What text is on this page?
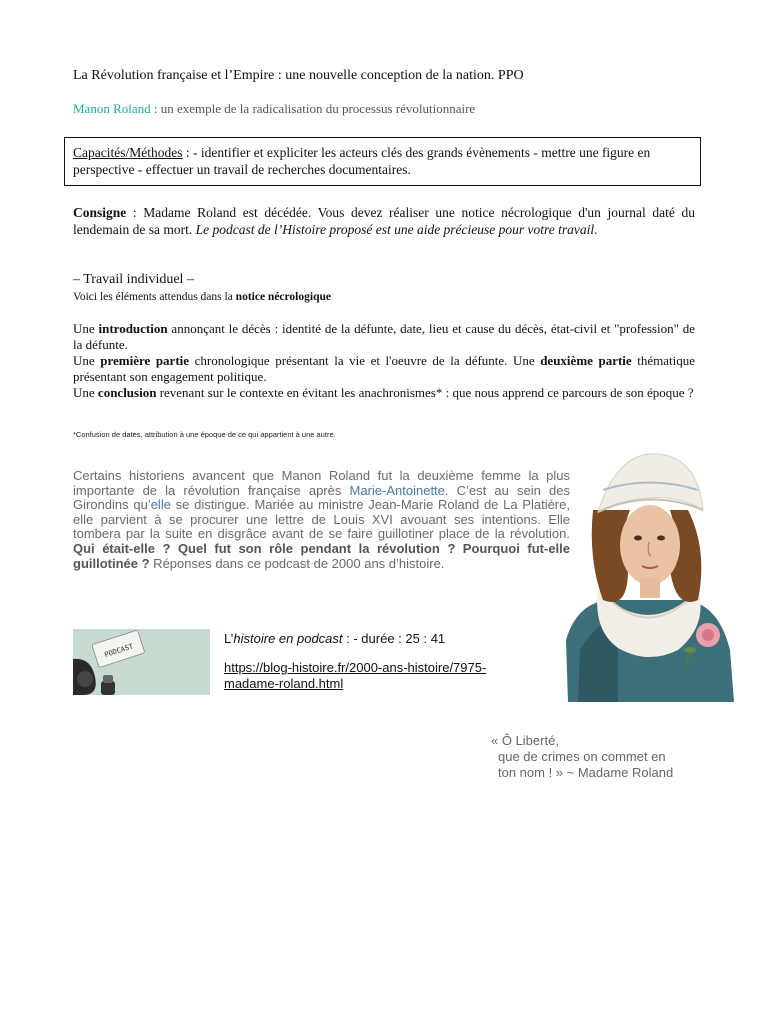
La Révolution française et l’Empire : une nouvelle conception de la nation. PPO
Manon Roland : un exemple de la radicalisation du processus révolutionnaire
Capacités/Méthodes : - identifier et expliciter les acteurs clés des grands évènements - mettre une figure en perspective - effectuer un travail de recherches documentaires.
Consigne : Madame Roland est décédée. Vous devez réaliser une notice nécrologique d'un journal daté du lendemain de sa mort. Le podcast de l’Histoire proposé est une aide précieuse pour votre travail.
– Travail individuel –
Voici les éléments attendus dans la notice nécrologique

Une introduction annonçant le décès : identité de la défunte, date, lieu et cause du décès, état-civil et "profession" de la défunte.

Une première partie chronologique présentant la vie et l'oeuvre de la défunte. Une deuxième partie thématique présentant son engagement politique.

Une conclusion revenant sur le contexte en évitant les anachronismes* : que nous apprend ce parcours de son époque ?

*Confusion de dates, attribution à une époque de ce qui appartient à une autre.
Certains historiens avancent que Manon Roland fut la deuxième femme la plus importante de la révolution française après Marie-Antoinette. C’est au sein des Girondins qu’elle se distingue. Mariée au ministre Jean-Marie Roland de La Platière, elle parvient à se procurer une lettre de Louis XVI avouant ses intentions. Elle tombera par la suite en disgrâce avant de se faire guillotiner place de la révolution. Qui était-elle ? Quel fut son rôle pendant la révolution ? Pourquoi fut-elle guillotinée ? Réponses dans ce podcast de 2000 ans d’histoire.
PODCAST
L’histoire en podcast : - durée : 25 : 41
https://blog-histoire.fr/2000-ans-histoire/7975-madame-roland.html
« Ô Liberté,
que de crimes on commet en
ton nom ! » ~ Madame Roland
